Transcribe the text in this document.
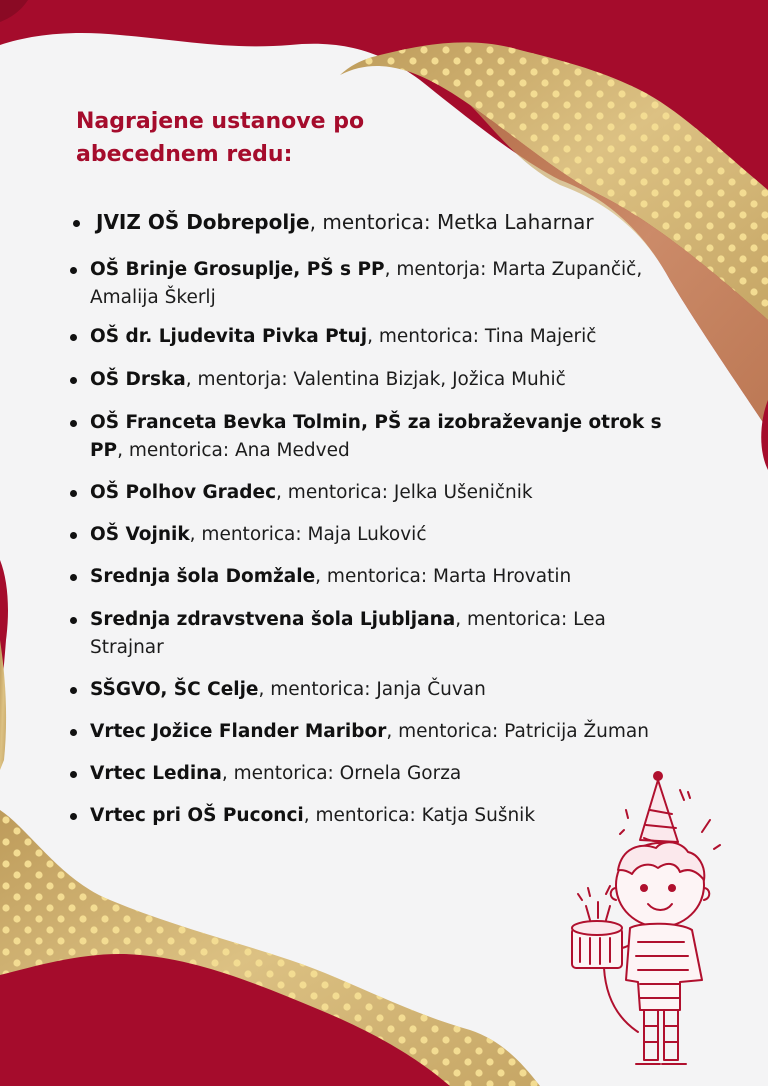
Nagrajene ustanove po
abecednem redu:
JVIZ OŠ Dobrepolje, mentorica: Metka Laharnar
OŠ Brinje Grosuplje, PŠ s PP, mentorja: Marta Zupančič, Amalija Škerlj
OŠ dr. Ljudevita Pivka Ptuj, mentorica: Tina Majerič
OŠ Drska, mentorja: Valentina Bizjak, Jožica Muhič
OŠ Franceta Bevka Tolmin, PŠ za izobraževanje otrok s PP, mentorica: Ana Medved
OŠ Polhov Gradec, mentorica: Jelka Ušeničnik
OŠ Vojnik, mentorica: Maja Luković
Srednja šola Domžale, mentorica: Marta Hrovatin
Srednja zdravstvena šola Ljubljana, mentorica: Lea Strajnar
SŠGVO, ŠC Celje, mentorica: Janja Čuvan
Vrtec Jožice Flander Maribor, mentorica: Patricija Žuman
Vrtec Ledina, mentorica: Ornela Gorza
Vrtec pri OŠ Puconci, mentorica: Katja Sušnik
